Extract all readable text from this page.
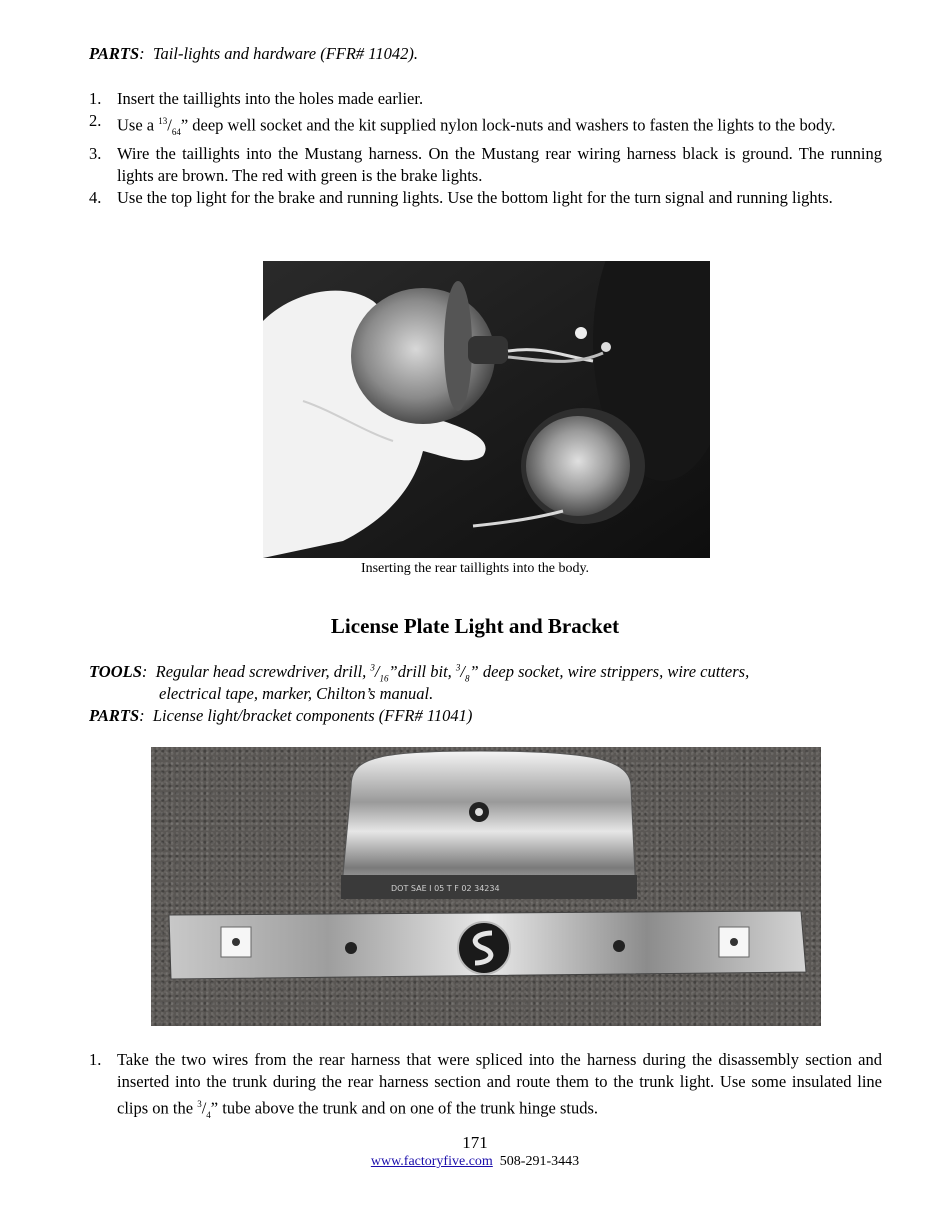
PARTS: Tail-lights and hardware (FFR# 11042).
1. Insert the taillights into the holes made earlier.
2. Use a $^{13}/_{64}$” deep well socket and the kit supplied nylon lock-nuts and washers to fasten the lights to the body.
3. Wire the taillights into the Mustang harness. On the Mustang rear wiring harness black is ground. The running lights are brown. The red with green is the brake lights.
4. Use the top light for the brake and running lights. Use the bottom light for the turn signal and running lights.
Inserting the rear taillights into the body.
License Plate Light and Bracket
TOOLS: Regular head screwdriver, drill, $^3/_{16}”drill$ bit, $^3/_8$” deep socket, wire strippers, wire cutters,
electrical tape, marker, Chilton’s manual.
PARTS: License light/bracket components (FFR# 11041)
DOT SAE I 05 T F 02 34234
1. Take the two wires from the rear harness that were spliced into the harness during the disassembly section and inserted into the trunk during the rear harness section and route them to the trunk light. Use some insulated line clips on the $^3/_4$” tube above the trunk and on one of the trunk hinge studs.
171
www.factoryfive.com 508-291-3443
